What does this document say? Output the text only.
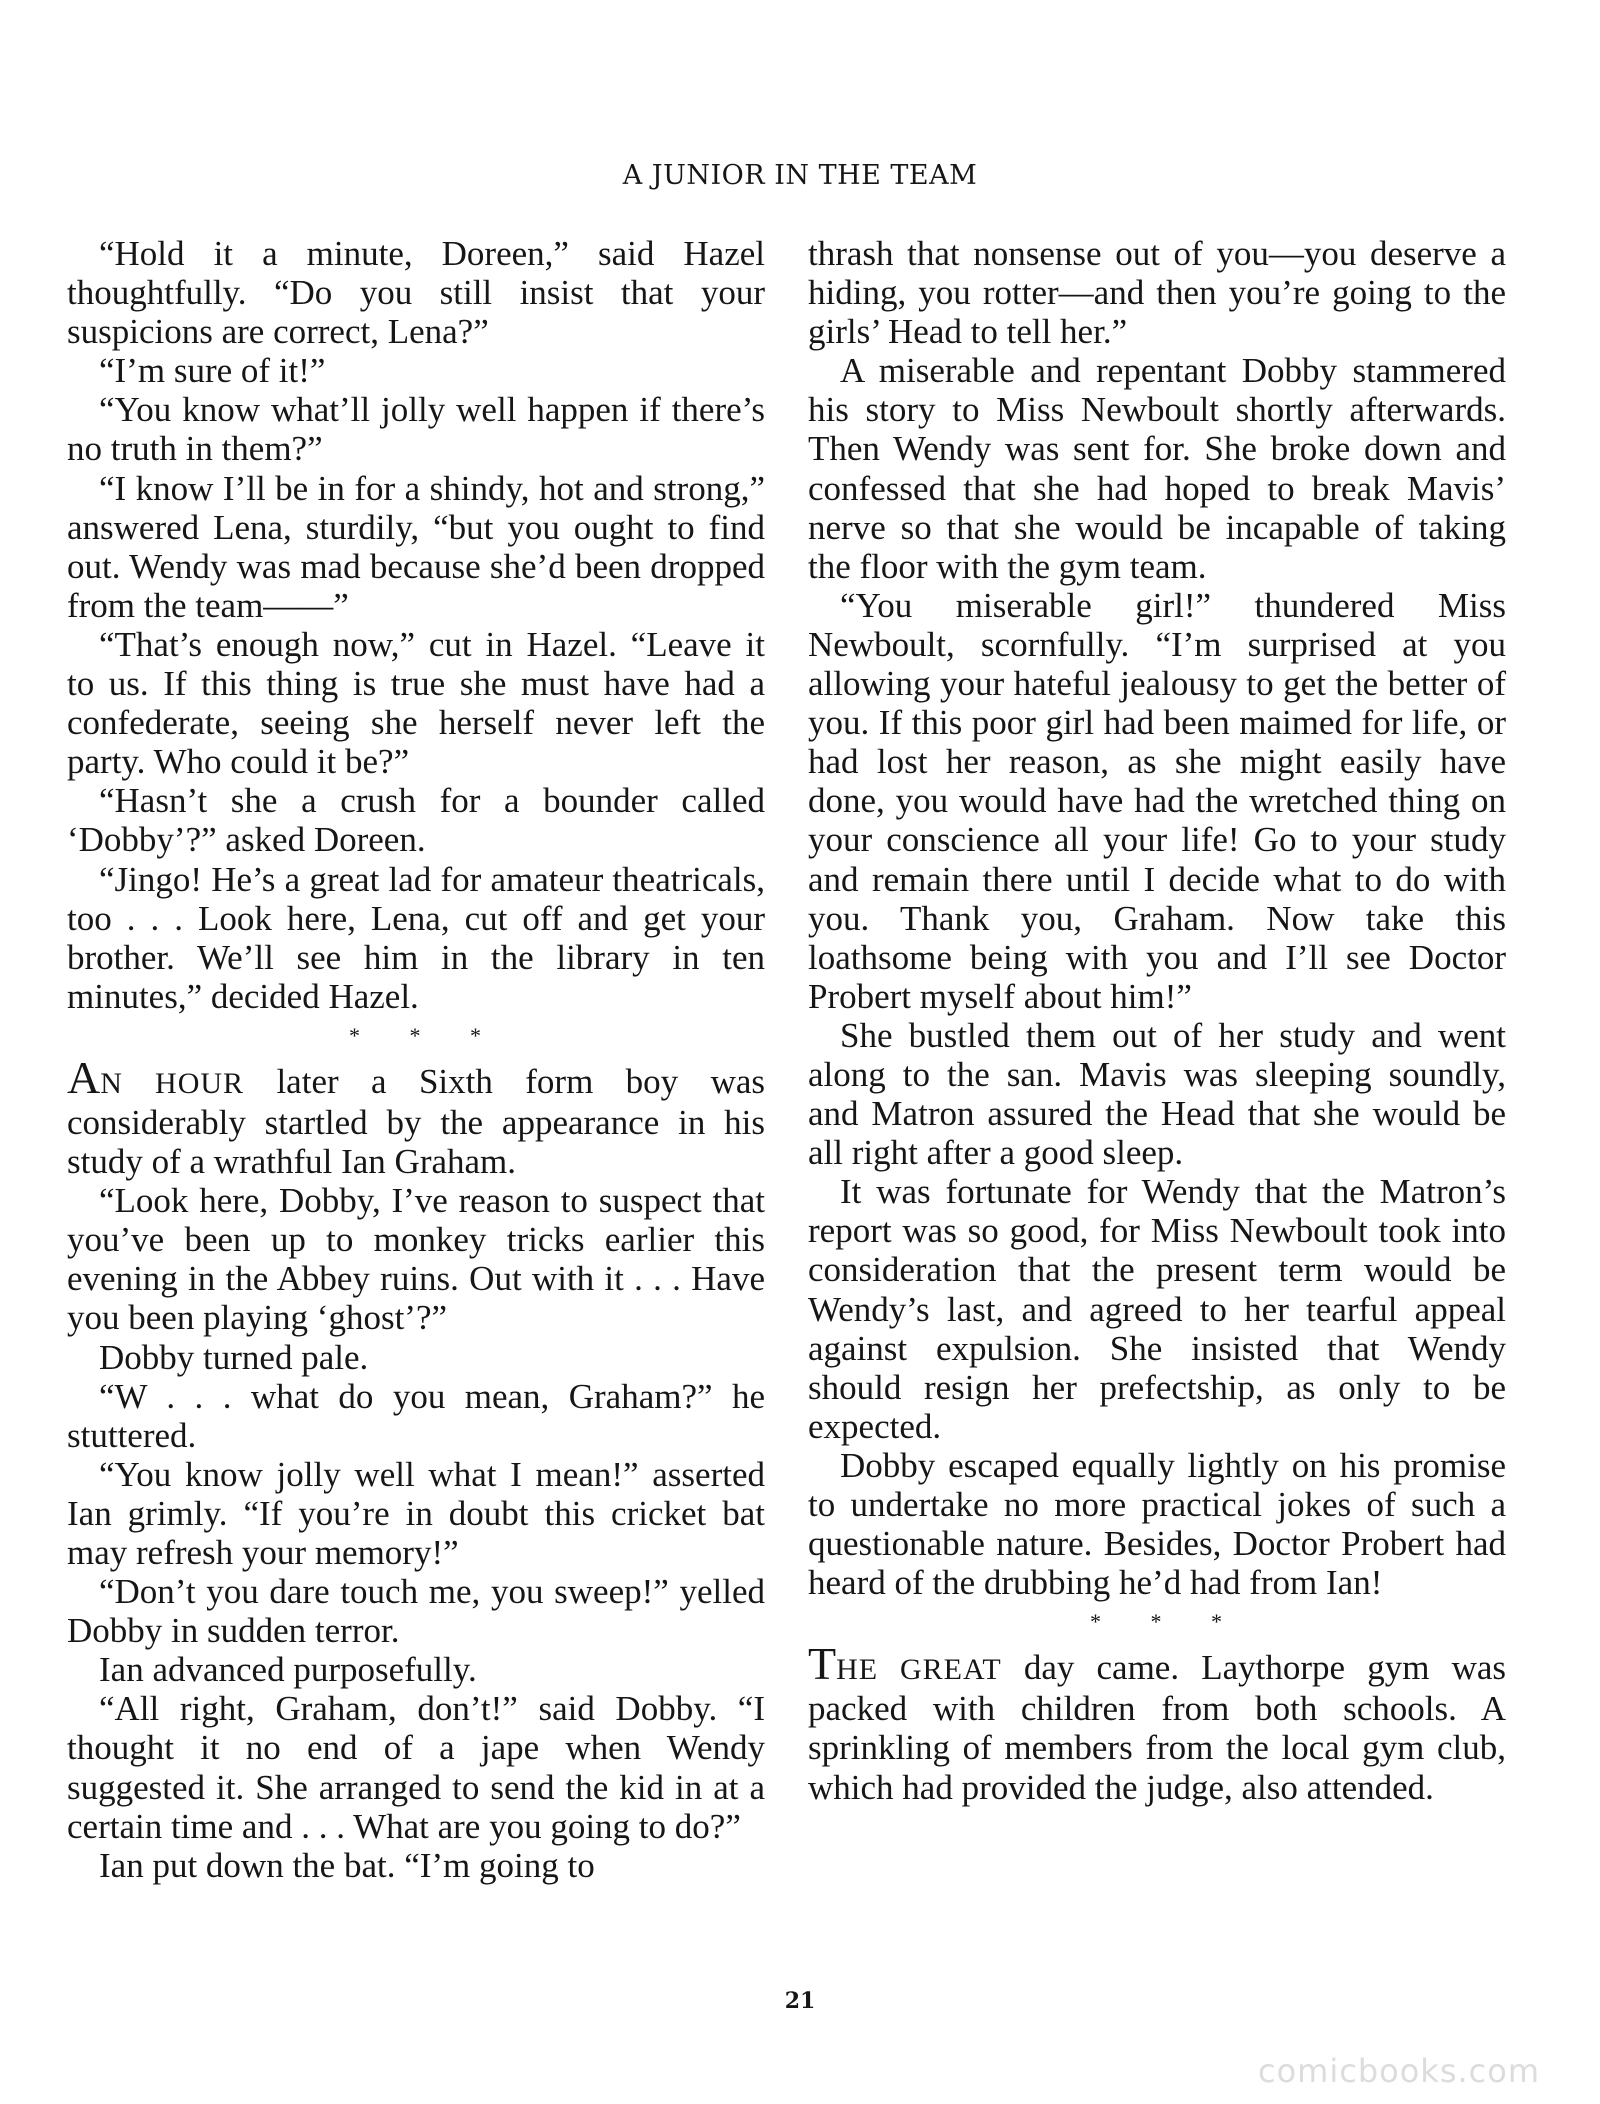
A JUNIOR IN THE TEAM

“Hold it a minute, Doreen,” said Hazel thoughtfully. “Do you still insist that your suspicions are correct, Lena?”

“I’m sure of it!”

“You know what’ll jolly well happen if there’s no truth in them?”

“I know I’ll be in for a shindy, hot and strong,” answered Lena, sturdily, “but you ought to find out. Wendy was mad because she’d been dropped from the team——”

“That’s enough now,” cut in Hazel. “Leave it to us. If this thing is true she must have had a confederate, seeing she herself never left the party. Who could it be?”

“Hasn’t she a crush for a bounder called ‘Dobby’?” asked Doreen.

“Jingo! He’s a great lad for amateur theatricals, too . . . Look here, Lena, cut off and get your brother. We’ll see him in the library in ten minutes,” decided Hazel.

* * *

AN HOUR later a Sixth form boy was considerably startled by the appearance in his study of a wrathful Ian Graham.

“Look here, Dobby, I’ve reason to suspect that you’ve been up to monkey tricks earlier this evening in the Abbey ruins. Out with it . . . Have you been playing ‘ghost’?”

Dobby turned pale.

“W . . . what do you mean, Graham?” he stuttered.

“You know jolly well what I mean!” asserted Ian grimly. “If you’re in doubt this cricket bat may refresh your memory!”

“Don’t you dare touch me, you sweep!” yelled Dobby in sudden terror.

Ian advanced purposefully.

“All right, Graham, don’t!” said Dobby. “I thought it no end of a jape when Wendy suggested it. She arranged to send the kid in at a certain time and . . . What are you going to do?”

Ian put down the bat. “I’m going to

thrash that nonsense out of you—you deserve a hiding, you rotter—and then you’re going to the girls’ Head to tell her.”

A miserable and repentant Dobby stammered his story to Miss Newboult shortly afterwards. Then Wendy was sent for. She broke down and confessed that she had hoped to break Mavis’ nerve so that she would be incapable of taking the floor with the gym team.

“You miserable girl!” thundered Miss Newboult, scornfully. “I’m surprised at you allowing your hateful jealousy to get the better of you. If this poor girl had been maimed for life, or had lost her reason, as she might easily have done, you would have had the wretched thing on your conscience all your life! Go to your study and remain there until I decide what to do with you. Thank you, Graham. Now take this loathsome being with you and I’ll see Doctor Probert myself about him!”

She bustled them out of her study and went along to the san. Mavis was sleeping soundly, and Matron assured the Head that she would be all right after a good sleep.

It was fortunate for Wendy that the Matron’s report was so good, for Miss Newboult took into consideration that the present term would be Wendy’s last, and agreed to her tearful appeal against expulsion. She insisted that Wendy should resign her prefectship, as only to be expected.

Dobby escaped equally lightly on his promise to undertake no more practical jokes of such a questionable nature. Besides, Doctor Probert had heard of the drubbing he’d had from Ian!

* * *

THE GREAT day came. Laythorpe gym was packed with children from both schools. A sprinkling of members from the local gym club, which had provided the judge, also attended.

21
comicbooks.com
